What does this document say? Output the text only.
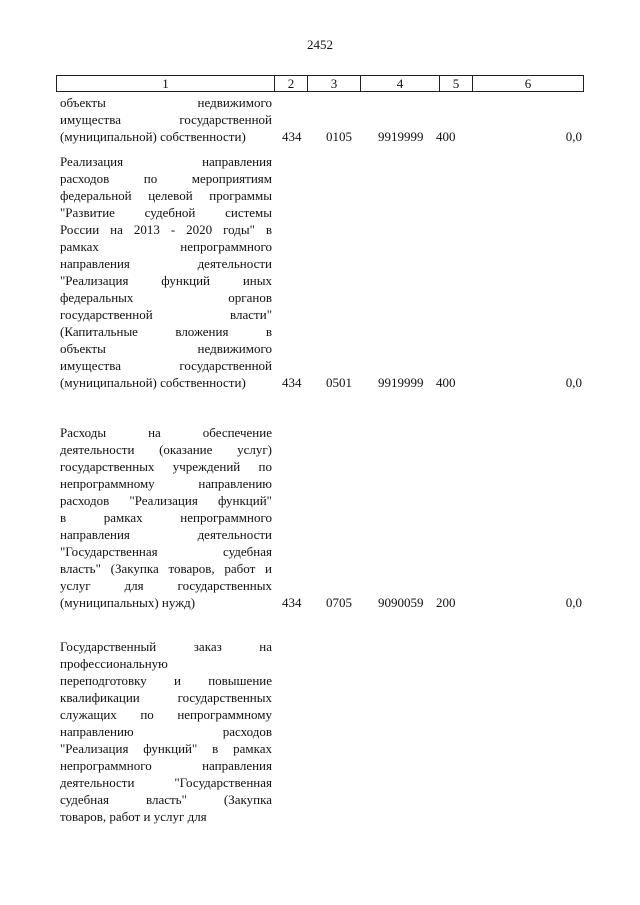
2452
1	2	3	4	5	6
объекты недвижимого
имущества государственной
(муниципальной) собственности)	434 0105 9919999 400	0,0
Реализация направления
расходов по мероприятиям
федеральной целевой программы
"Развитие судебной системы
России на 2013 - 2020 годы" в
рамках непрограммного
направления деятельности
"Реализация функций иных
федеральных органов
государственной власти"
(Капитальные вложения в
объекты недвижимого
имущества государственной
(муниципальной) собственности)	434 0501 9919999 400	0,0
Расходы на обеспечение
деятельности (оказание услуг)
государственных учреждений по
непрограммному направлению
расходов "Реализация функций"
в рамках непрограммного
направления деятельности
"Государственная судебная
власть" (Закупка товаров, работ и
услуг для государственных
(муниципальных) нужд)	434 0705 9090059 200	0,0
Государственный заказ на
профессиональную
переподготовку и повышение
квалификации государственных
служащих по непрограммному
направлению расходов
"Реализация функций" в рамках
непрограммного направления
деятельности "Государственная
судебная власть" (Закупка
товаров, работ и услуг для
